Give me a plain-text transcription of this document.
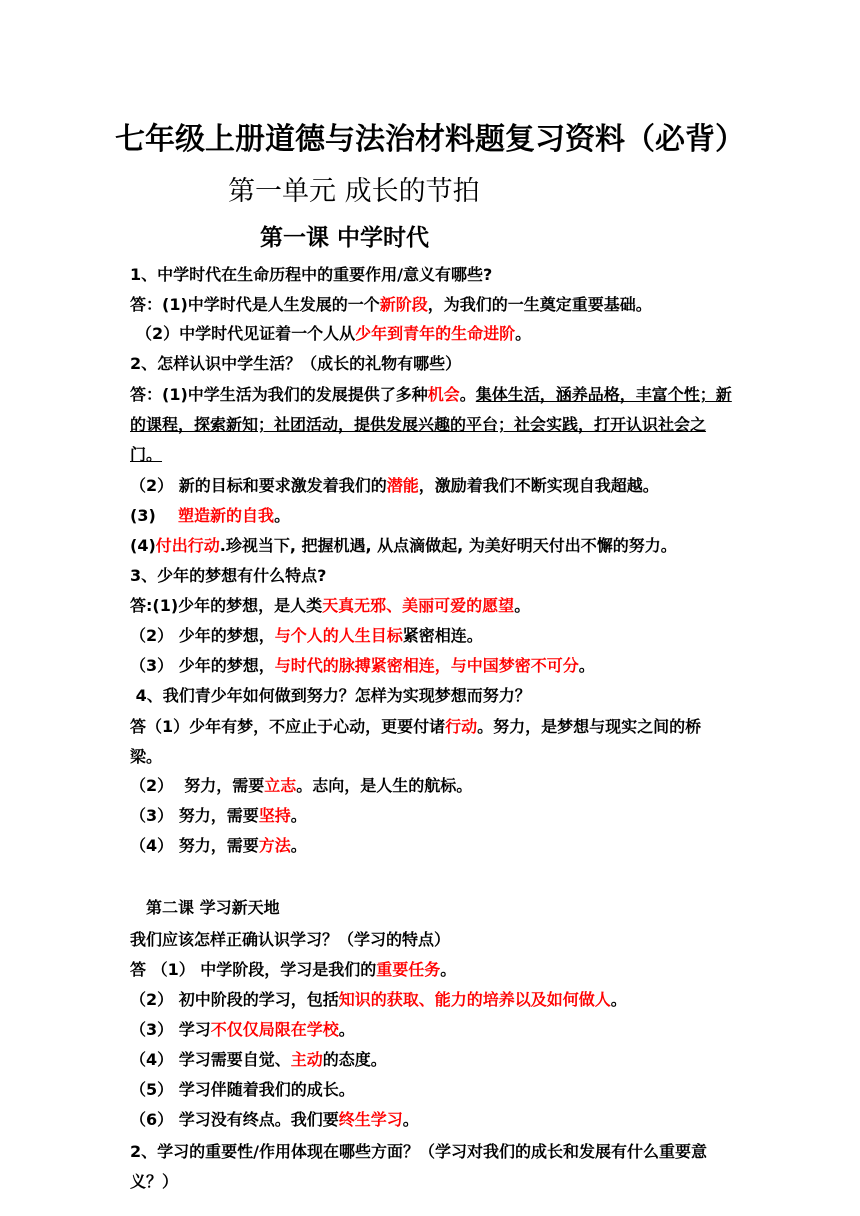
七年级上册道德与法治材料题复习资料（必背）
第一单元 成长的节拍
第一课 中学时代
1、中学时代在生命历程中的重要作用/意义有哪些?
答：(1)中学时代是人生发展的一个新阶段，为我们的一生奠定重要基础。
（2）中学时代见证着一个人从少年到青年的生命进阶。
2、怎样认识中学生活？（成长的礼物有哪些）
答：(1)中学生活为我们的发展提供了多种机会。集体生活，涵养品格，丰富个性；新的课程，探索新知；社团活动，提供发展兴趣的平台；社会实践，打开认识社会之门。
（2） 新的目标和要求激发着我们的潜能，激励着我们不断实现自我超越。
(3)    塑造新的自我。
(4)付出行动.珍视当下, 把握机遇, 从点滴做起, 为美好明天付出不懈的努力。
3、少年的梦想有什么特点?
答:(1)少年的梦想，是人类天真无邪、美丽可爱的愿望。
（2） 少年的梦想，与个人的人生目标紧密相连。
（3） 少年的梦想，与时代的脉搏紧密相连，与中国梦密不可分。
4、我们青少年如何做到努力？怎样为实现梦想而努力？
答（1）少年有梦，不应止于心动，更要付诸行动。努力，是梦想与现实之间的桥梁。
（2）  努力，需要立志。志向，是人生的航标。
（3） 努力，需要坚持。
（4） 努力，需要方法。
第二课 学习新天地
我们应该怎样正确认识学习？（学习的特点）
答 （1） 中学阶段，学习是我们的重要任务。
（2） 初中阶段的学习，包括知识的获取、能力的培养以及如何做人。
（3） 学习不仅仅局限在学校。
（4） 学习需要自觉、主动的态度。
（5） 学习伴随着我们的成长。
（6） 学习没有终点。我们要终生学习。
2、学习的重要性/作用体现在哪些方面？（学习对我们的成长和发展有什么重要意义？）
